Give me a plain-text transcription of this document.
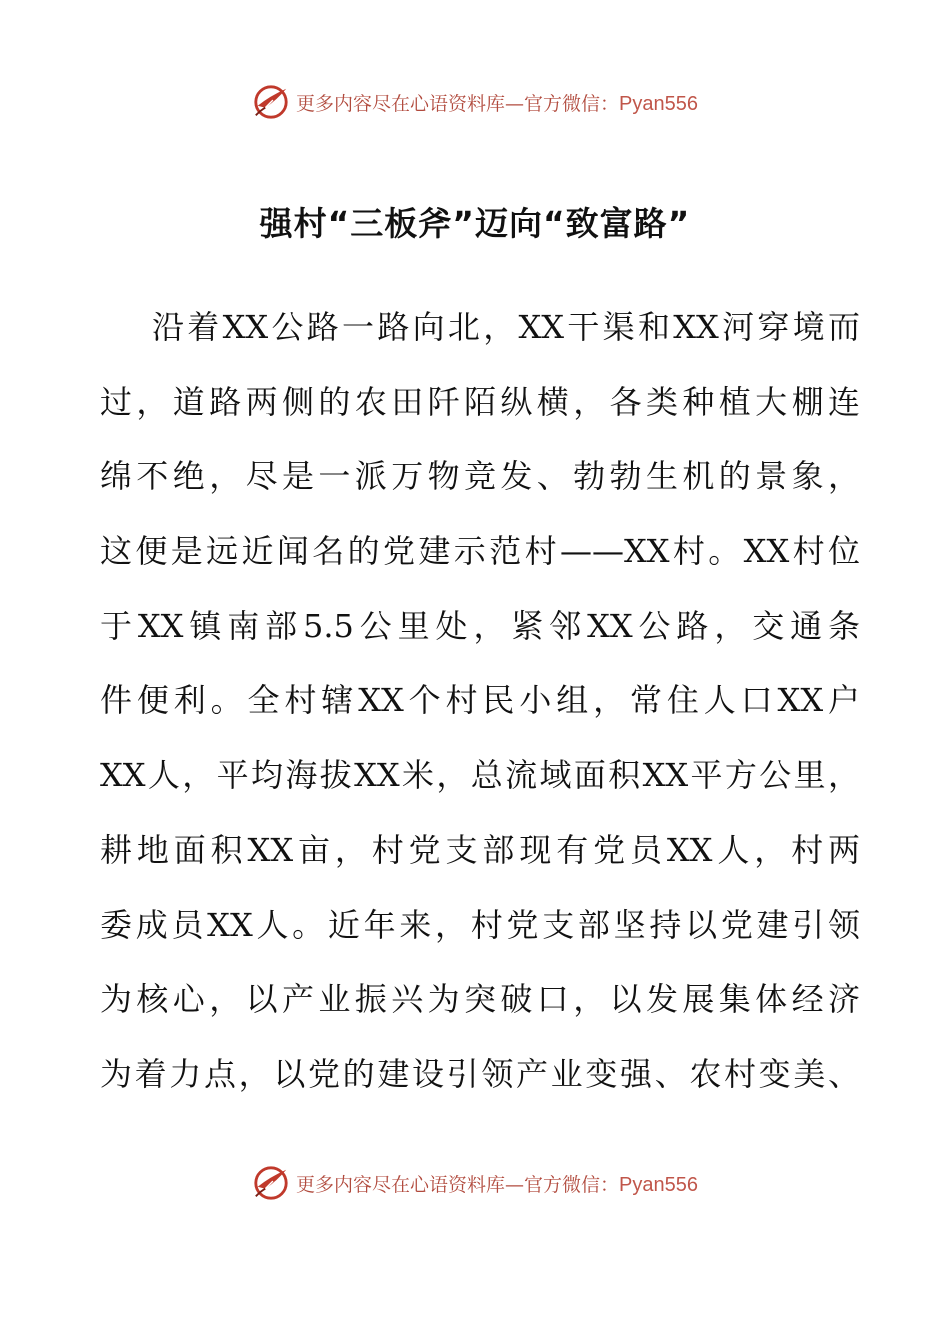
更多内容尽在心语资料库—官方微信：Pyan556
强村“三板斧”迈向“致富路”
沿着XX公路一路向北，XX干渠和XX河穿境而
过，道路两侧的农田阡陌纵横，各类种植大棚连
绵不绝，尽是一派万物竞发、勃勃生机的景象，
这便是远近闻名的党建示范村——XX村。XX村位
于XX镇南部5.5公里处，紧邻XX公路，交通条
件便利。全村辖XX个村民小组，常住人口XX户
XX人，平均海拔XX米，总流域面积XX平方公里，
耕地面积XX亩，村党支部现有党员XX人，村两
委成员XX人。近年来，村党支部坚持以党建引领
为核心，以产业振兴为突破口，以发展集体经济
为着力点，以党的建设引领产业变强、农村变美、
更多内容尽在心语资料库—官方微信：Pyan556
